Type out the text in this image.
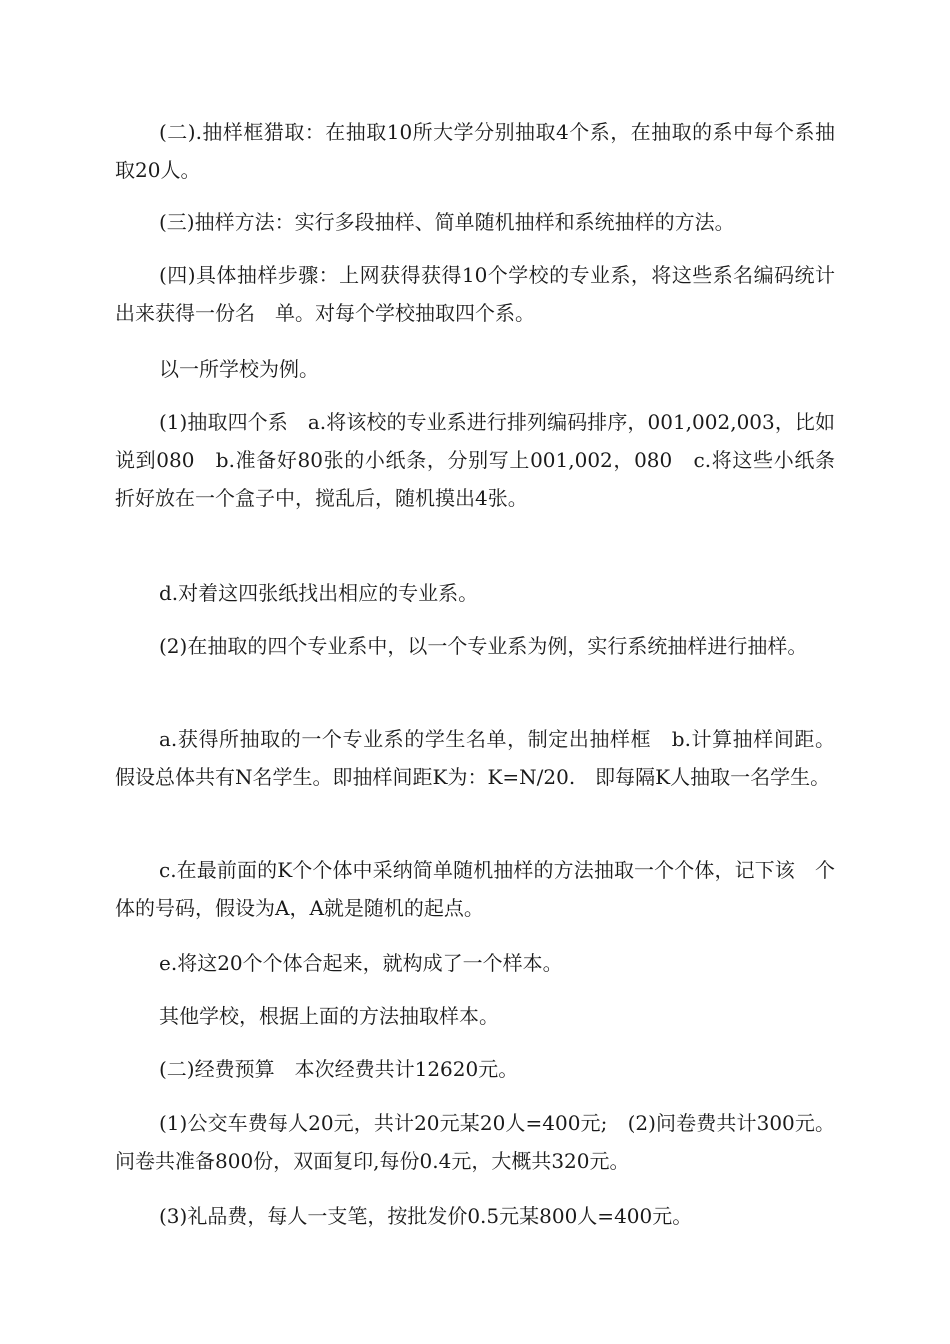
(二).抽样框猎取：在抽取10所大学分别抽取4个系，在抽取的系中每个系抽取20人。

(三)抽样方法：实行多段抽样、简单随机抽样和系统抽样的方法。

(四)具体抽样步骤：上网获得获得10个学校的专业系，将这些系名编码统计出来获得一份名　单。对每个学校抽取四个系。

以一所学校为例。

(1)抽取四个系　a.将该校的专业系进行排列编码排序，001,002,003，比如说到080　b.准备好80张的小纸条，分别写上001,002，080　c.将这些小纸条折好放在一个盒子中，搅乱后，随机摸出4张。

d.对着这四张纸找出相应的专业系。

(2)在抽取的四个专业系中，以一个专业系为例，实行系统抽样进行抽样。

a.获得所抽取的一个专业系的学生名单，制定出抽样框　b.计算抽样间距。假设总体共有N名学生。即抽样间距K为：K=N/20.　即每隔K人抽取一名学生。

c.在最前面的K个个体中采纳简单随机抽样的方法抽取一个个体，记下该　个体的号码，假设为A，A就是随机的起点。

e.将这20个个体合起来，就构成了一个样本。

其他学校，根据上面的方法抽取样本。

(二)经费预算　本次经费共计12620元。

(1)公交车费每人20元，共计20元某20人=400元;　(2)问卷费共计300元。问卷共准备800份，双面复印,每份0.4元，大概共320元。

(3)礼品费，每人一支笔，按批发价0.5元某800人=400元。
